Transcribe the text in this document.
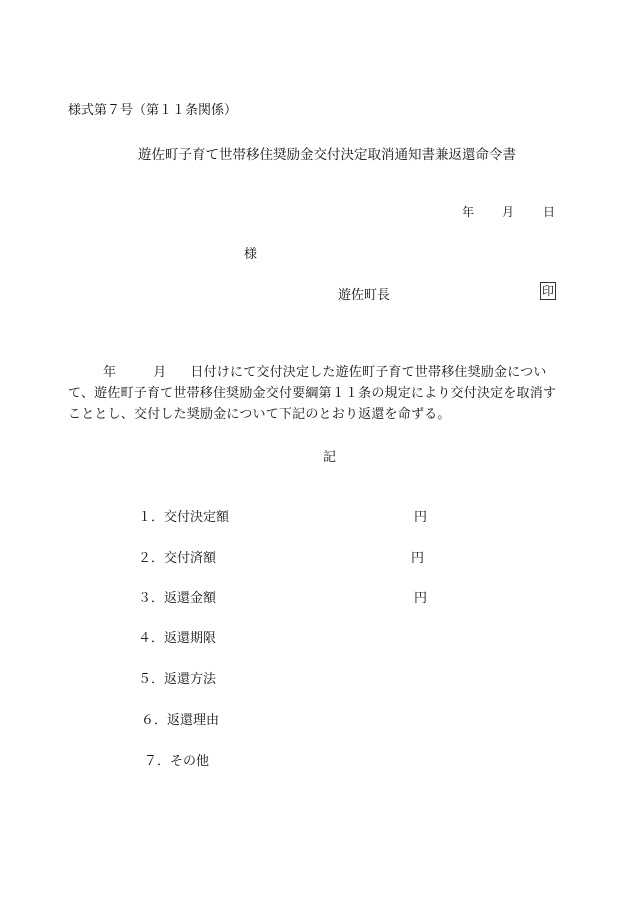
様式第７号（第１１条関係）
遊佐町子育て世帯移住奨励金交付決定取消通知書兼返還命令書
年 月 日
様
遊佐町長	印
年	月 日付けにて交付決定した遊佐町子育て世帯移住奨励金について、遊佐町子育て世帯移住奨励金交付要綱第１１条の規定により交付決定を取消すこととし、交付した奨励金について下記のとおり返還を命ずる。
記
１．交付決定額	円
２．交付済額	円
３．返還金額	円
４．返還期限
５．返還方法
６．返還理由
７．その他
